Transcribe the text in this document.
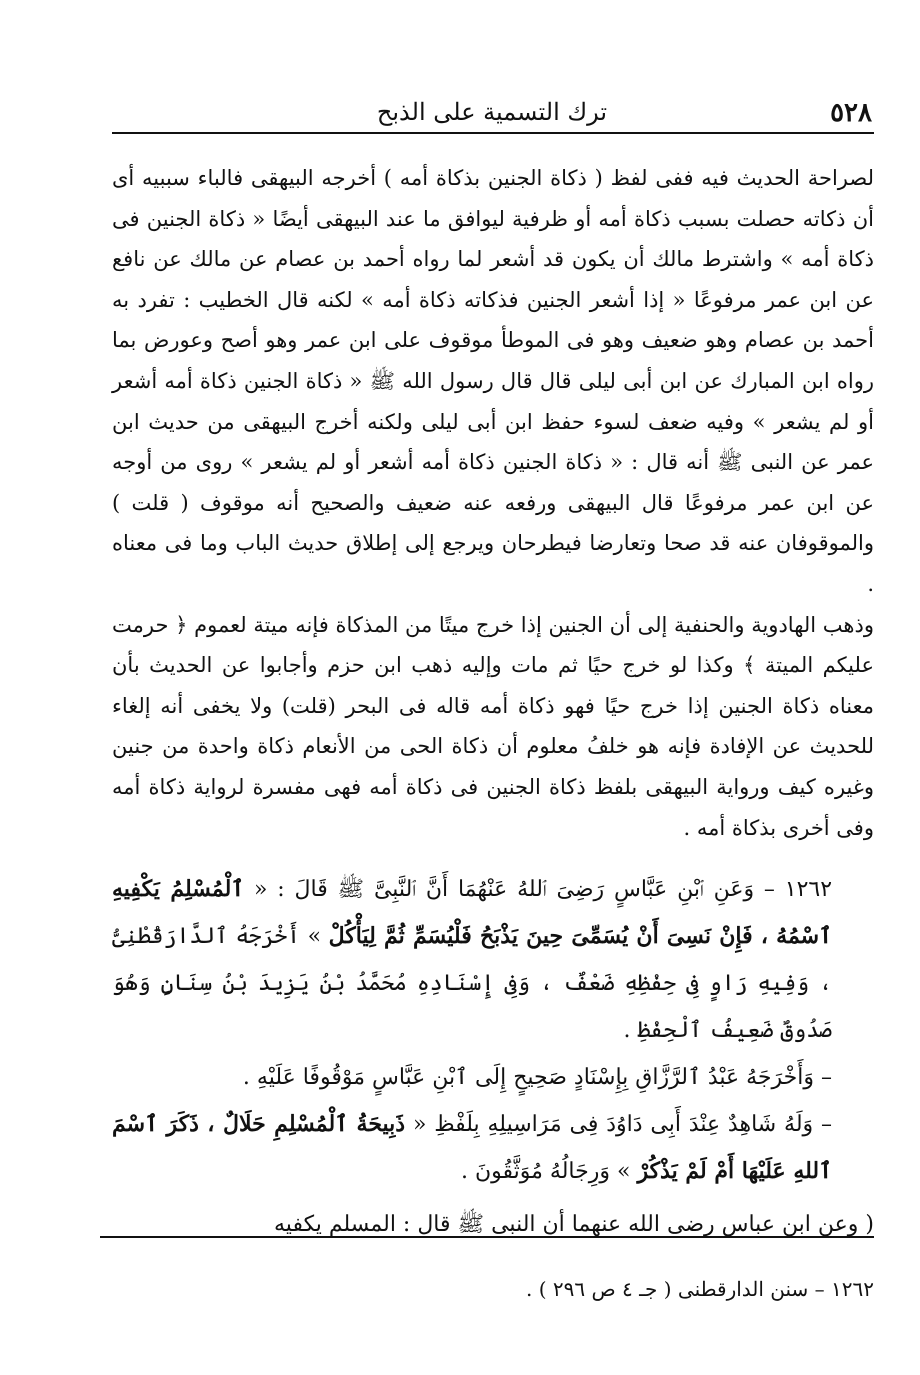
٥٢٨
ترك التسمية على الذبح

لصراحة الحديث فيه ففى لفظ ( ذكاة الجنين بذكاة أمه ) أخرجه البيهقى فالباء سببيه أى أن ذكاته حصلت بسبب ذكاة أمه أو ظرفية ليوافق ما عند البيهقى أيضًا « ذكاة الجنين فى ذكاة أمه » واشترط مالك أن يكون قد أشعر لما رواه أحمد بن عصام عن مالك عن نافع عن ابن عمر مرفوعًا « إذا أشعر الجنين فذكاته ذكاة أمه » لكنه قال الخطيب : تفرد به أحمد بن عصام وهو ضعيف وهو فى الموطأ موقوف على ابن عمر وهو أصح وعورض بما رواه ابن المبارك عن ابن أبى ليلى قال قال رسول الله ﷺ « ذكاة الجنين ذكاة أمه أشعر أو لم يشعر » وفيه ضعف لسوء حفظ ابن أبى ليلى ولكنه أخرج البيهقى من حديث ابن عمر عن النبى ﷺ أنه قال : « ذكاة الجنين ذكاة أمه أشعر أو لم يشعر » روى من أوجه عن ابن عمر مرفوعًا قال البيهقى ورفعه عنه ضعيف والصحيح أنه موقوف ( قلت ) والموقوفان عنه قد صحا وتعارضا فيطرحان ويرجع إلى إطلاق حديث الباب وما فى معناه .

وذهب الهادوية والحنفية إلى أن الجنين إذا خرج ميتًا من المذكاة فإنه ميتة لعموم ﴿ حرمت عليكم الميتة ﴾ وكذا لو خرج حيًا ثم مات وإليه ذهب ابن حزم وأجابوا عن الحديث بأن معناه ذكاة الجنين إذا خرج حيًا فهو ذكاة أمه قاله فى البحر (قلت) ولا يخفى أنه إلغاء للحديث عن الإفادة فإنه هو خلفُ معلوم أن ذكاة الحى من الأنعام ذكاة واحدة من جنين وغيره كيف ورواية البيهقى بلفظ ذكاة الجنين فى ذكاة أمه فهى مفسرة لرواية ذكاة أمه وفى أخرى بذكاة أمه .

١٢٦٢ – وَعَنِ ٱبْنِ عَبَّاسٍ رَضِىَ ٱللهُ عَنْهُمَا أَنَّ ٱلنَّبِىَّ ﷺ قَالَ : « ٱلْمُسْلِمُ يَكْفِيهِ ٱسْمُهُ ، فَإِنْ نَسِىَ أَنْ يُسَمِّىَ حِينَ يَذْبَحُ فَلْيُسَمِّ ثُمَّ لِيَأْكُلْ » أَخْرَجَهُ ٱلدَّارَقُطْنِىُّ ، وَفِيهِ رَاوٍ فِى حِفْظِهِ ضَعْفٌ ، وَفِى إِسْنَادِهِ مُحَمَّدُ بْنُ يَزِيدَ بْنُ سِنَانٍ وَهُوَ صَدُوقٌ ضَعِيفُ ٱلْحِفْظِ .

– وَأَخْرَجَهُ عَبْدُ ٱلرَّزَّاقِ بِإِسْنَادٍ صَحِيحٍ إِلَى ٱبْنِ عَبَّاسٍ مَوْقُوفًا عَلَيْهِ .

– وَلَهُ شَاهِدٌ عِنْدَ أَبِى دَاوُدَ فِى مَرَاسِيلِهِ بِلَفْظِ « ذَبِيحَةُ ٱلْمُسْلِمِ حَلَالٌ ، ذَكَرَ ٱسْمَ ٱللهِ عَلَيْهَا أَمْ لَمْ يَذْكُرْ » وَرِجَالُهُ مُوَثَّقُونَ .

( وعن ابن عباس رضى الله عنهما أن النبى ﷺ قال : المسلم يكفيه

١٢٦٢ – سنن الدارقطنى ( جـ ٤ ص ٢٩٦ ) .
